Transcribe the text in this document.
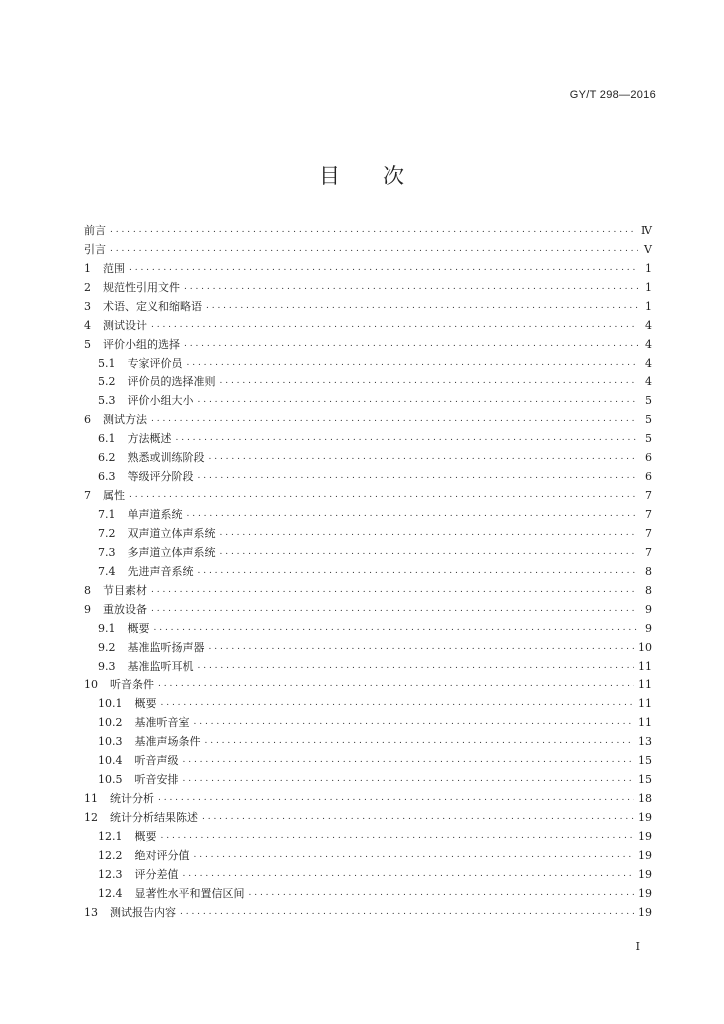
GY/T 298—2016
目 次
前言 . . .	Ⅳ
引言 . . .	Ⅴ
1 范围 . . .	1
2 规范性引用文件 . . .	1
3 术语、定义和缩略语 . . .	1
4 测试设计 . . .	4
5 评价小组的选择 . . .	4
5.1 专家评价员 . . .	4
5.2 评价员的选择准则 . . .	4
5.3 评价小组大小 . . .	5
6 测试方法 . . .	5
6.1 方法概述 . . .	5
6.2 熟悉或训练阶段 . . .	6
6.3 等级评分阶段 . . .	6
7 属性 . . .	7
7.1 单声道系统 . . .	7
7.2 双声道立体声系统 . . .	7
7.3 多声道立体声系统 . . .	7
7.4 先进声音系统 . . .	8
8 节目素材 . . .	8
9 重放设备 . . .	9
9.1 概要 . . .	9
9.2 基准监听扬声器 . . .	10
9.3 基准监听耳机 . . .	11
10 听音条件 . . .	11
10.1 概要 . . .	11
10.2 基准听音室 . . .	11
10.3 基准声场条件 . . .	13
10.4 听音声级 . . .	15
10.5 听音安排 . . .	15
11 统计分析 . . .	18
12 统计分析结果陈述 . . .	19
12.1 概要 . . .	19
12.2 绝对评分值 . . .	19
12.3 评分差值 . . .	19
12.4 显著性水平和置信区间 . . .	19
13 测试报告内容 . . .	19
Ⅰ
